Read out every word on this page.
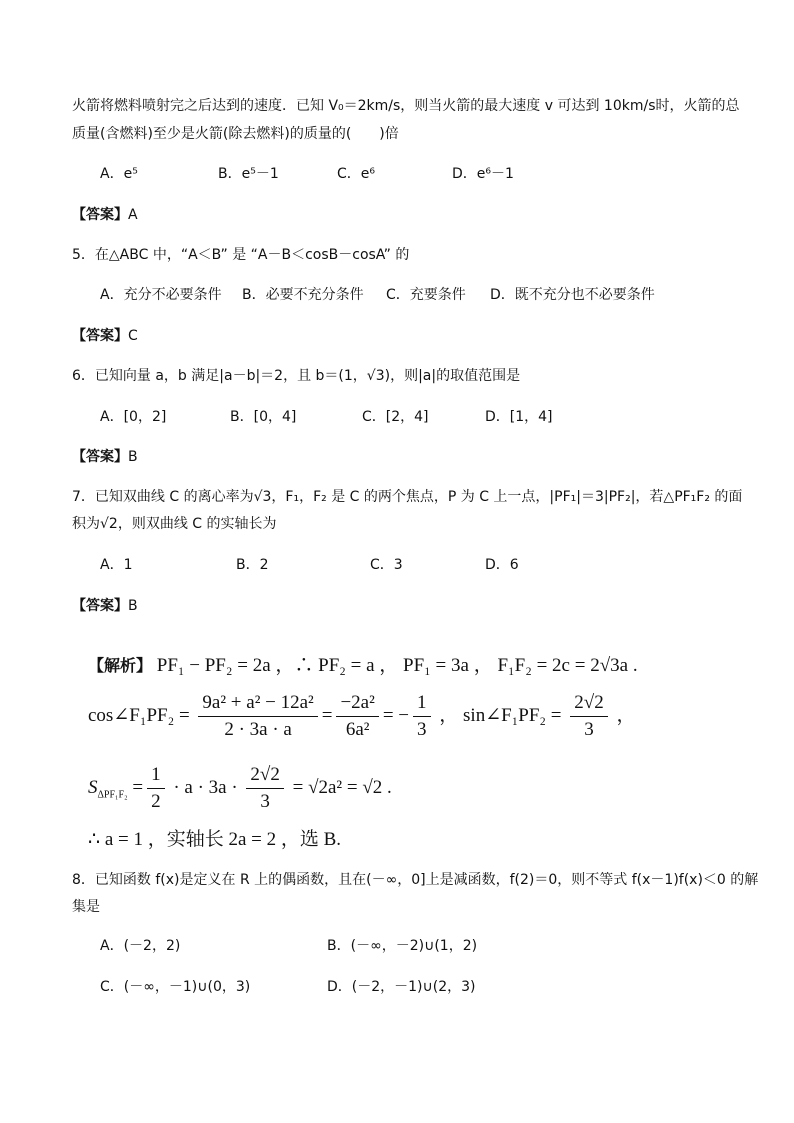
火箭将燃料喷射完之后达到的速度．已知 V₀＝2km/s，则当火箭的最大速度 v 可达到 10km/s时，火箭的总
质量(含燃料)至少是火箭(除去燃料)的质量的(　　)倍
A．e⁵	B．e⁵－1	C．e⁶	D．e⁶－1
【答案】A
5．在△ABC 中，“A＜B” 是 “A－B＜cosB－cosA” 的
A．充分不必要条件 B．必要不充分条件 C．充要条件 D．既不充分也不必要条件
【答案】C
6．已知向量 a，b 满足|a－b|＝2，且 b＝(1，√3)，则|a|的取值范围是
A．[0，2]	B．[0，4]	C．[2，4]	D．[1，4]
【答案】B
7．已知双曲线 C 的离心率为√3，F₁，F₂ 是 C 的两个焦点，P 为 C 上一点，|PF₁|＝3|PF₂|，若△PF₁F₂ 的面
积为√2，则双曲线 C 的实轴长为
A．1	B．2	C．3	D．6
【答案】B
【解析】 PF₁ − PF₂ = 2a ，∴ PF₂ = a ， PF₁ = 3a ， F₁F₂ = 2c = 2√3a .
cos∠F₁PF₂ = $\frac{\text{9a² + a² − 12a²}}{2 \cdot 3a \cdot a} = \frac{\text{−2a²}}{\text{6a²}}$ = − $\frac{1}{3}$ ， sin∠F₁PF₂ = $\frac{2√2}{3}$ ，
$S_{\Delta PF_1F_2} = \frac{1}{2} \cdot a \cdot 3a \cdot \frac{2√2}{3} = √2a^2 = √2$ .
∴ a = 1 ，实轴长 2a = 2 ，选 B.
8．已知函数 f(x)是定义在 R 上的偶函数，且在(－∞，0]上是减函数，f(2)＝0，则不等式 f(x－1)f(x)＜0 的解
集是
A．(－2，2)	B．(－∞，－2)∪(1，2)
C．(－∞，－1)∪(0，3)	D．(－2，－1)∪(2，3)
